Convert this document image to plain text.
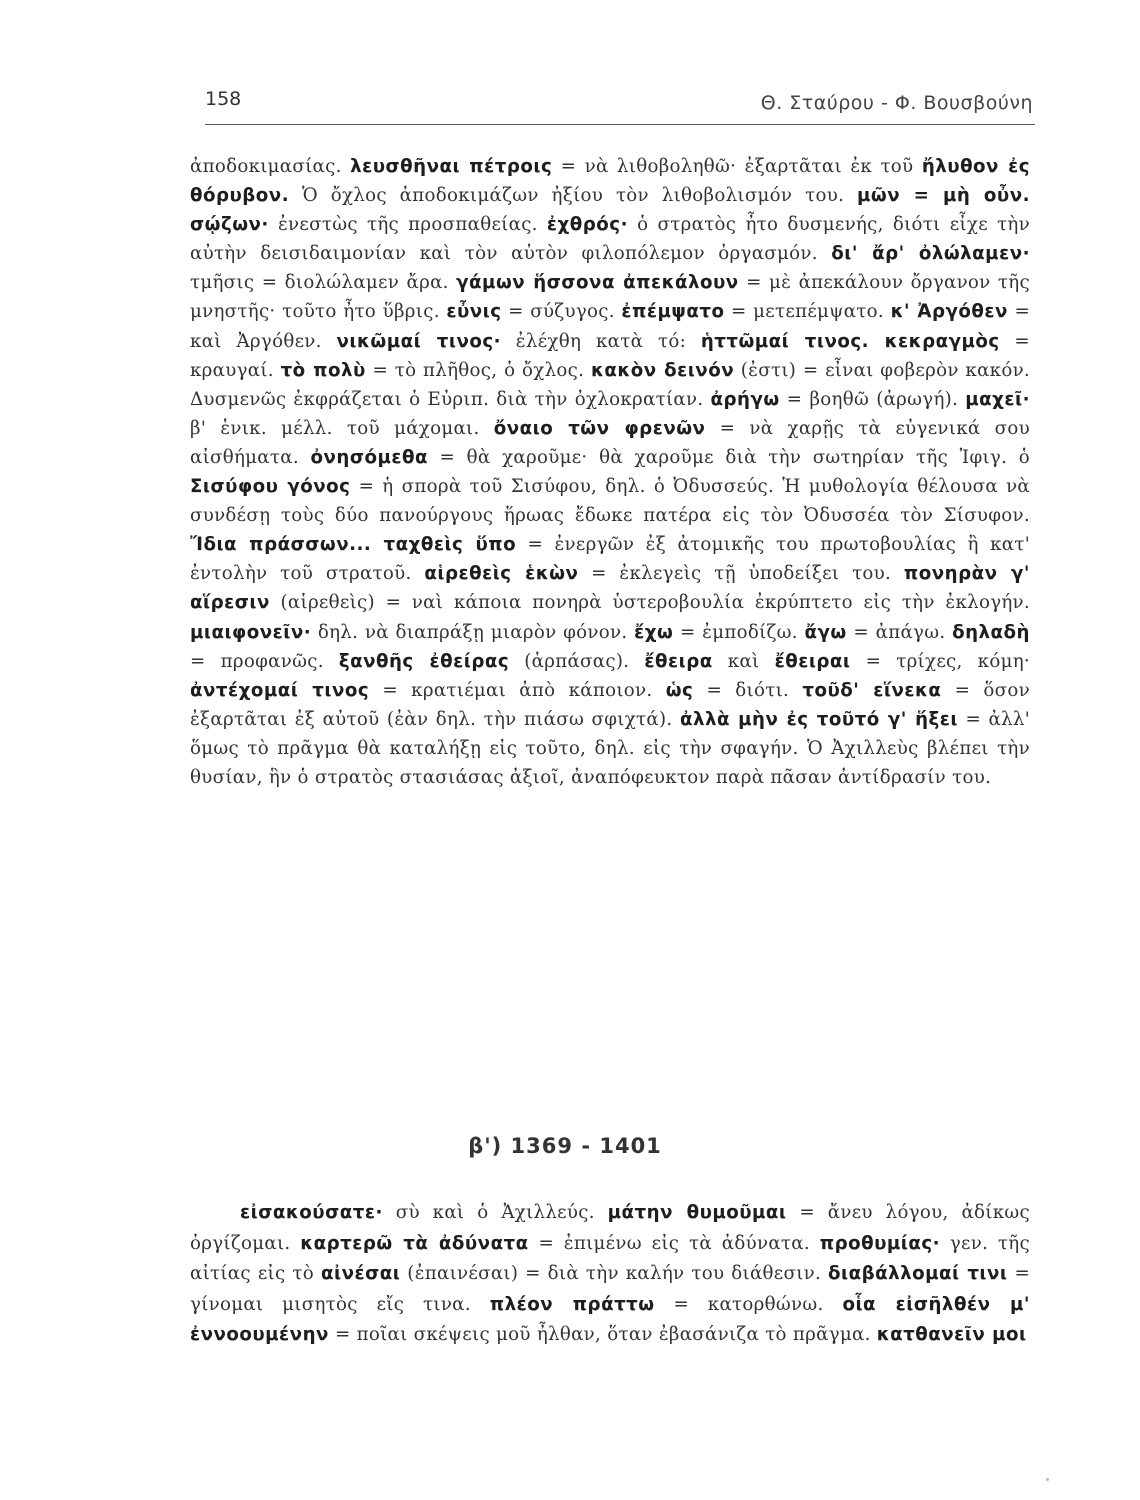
158	Θ. Σταύρου - Φ. Βουσβούνη
ἀποδοκιμασίας. λευσθῆναι πέτροις = νὰ λιθοβοληθῶ· ἐξαρτᾶται ἐκ τοῦ ἤλυθον ἐς θόρυβον. Ὁ ὄχλος ἀποδοκιμάζων ἠξίου τὸν λιθοβολισμόν του. μῶν = μὴ οὖν. σῴζων· ἐνεστὼς τῆς προσπαθείας. ἐχθρός· ὁ στρατὸς ἦτο δυσμενής, διότι εἶχε τὴν αὐτὴν δεισιδαιμονίαν καὶ τὸν αὐτὸν φιλοπόλεμον ὀργασμόν. δι' ἄρ' ὀλώλαμεν· τμῆσις = διολώλαμεν ἄρα. γάμων ἥσσονα ἀπεκάλουν = μὲ ἀπεκάλουν ὄργανον τῆς μνηστῆς· τοῦτο ἦτο ὕβρις. εὖνις = σύζυγος. ἐπέμψατο = μετεπέμψατο. κ' Ἀργόθεν = καὶ Ἀργόθεν. νικῶμαί τινος· ἐλέχθη κατὰ τό: ἡττῶμαί τινος. κεκραγμὸς = κραυγαί. τὸ πολὺ = τὸ πλῆθος, ὁ ὄχλος. κακὸν δεινόν (ἐστι) = εἶναι φοβερὸν κακόν. Δυσμενῶς ἐκφράζεται ὁ Εὐριπ. διὰ τὴν ὀχλοκρατίαν. ἀρήγω = βοηθῶ (ἀρωγή). μαχεῖ· β' ἑνικ. μέλλ. τοῦ μάχομαι. ὄναιο τῶν φρενῶν = νὰ χαρῇς τὰ εὐγενικά σου αἰσθήματα. ὀνησόμεθα = θὰ χαροῦμε· θὰ χαροῦμε διὰ τὴν σωτηρίαν τῆς Ἰφιγ. ὁ Σισύφου γόνος = ἡ σπορὰ τοῦ Σισύφου, δηλ. ὁ Ὀδυσσεύς. Ἡ μυθολογία θέλουσα νὰ συνδέσῃ τοὺς δύο πανούργους ἥρωας ἔδωκε πατέρα εἰς τὸν Ὀδυσσέα τὸν Σίσυφον. Ἴδια πράσσων... ταχθεὶς ὕπο = ἐνεργῶν ἐξ ἀτομικῆς του πρωτοβουλίας ἢ κατ' ἐντολὴν τοῦ στρατοῦ. αἱρεθεὶς ἑκὼν = ἐκλεγεὶς τῇ ὑποδείξει του. πονηρὰν γ' αἵρεσιν (αἱρεθεὶς) = ναὶ κάποια πονηρὰ ὑστεροβουλία ἐκρύπτετο εἰς τὴν ἐκλογήν. μιαιφονεῖν· δηλ. νὰ διαπράξῃ μιαρὸν φόνον. ἔχω = ἐμποδίζω. ἄγω = ἀπάγω. δηλαδὴ = προφανῶς. ξανθῆς ἐθείρας (ἁρπάσας). ἔθειρα καὶ ἔθειραι = τρίχες, κόμη· ἀντέχομαί τινος = κρατιέμαι ἀπὸ κάποιον. ὡς = διότι. τοῦδ' εἵνεκα = ὅσον ἐξαρτᾶται ἐξ αὐτοῦ (ἐὰν δηλ. τὴν πιάσω σφιχτά). ἀλλὰ μὴν ἐς τοῦτό γ' ἥξει = ἀλλ' ὅμως τὸ πρᾶγμα θὰ καταλήξῃ εἰς τοῦτο, δηλ. εἰς τὴν σφαγήν. Ὁ Ἀχιλλεὺς βλέπει τὴν θυσίαν, ἣν ὁ στρατὸς στασιάσας ἀξιοῖ, ἀναπόφευκτον παρὰ πᾶσαν ἀντίδρασίν του.
β') 1369 - 1401
εἰσακούσατε· σὺ καὶ ὁ Ἀχιλλεύς. μάτην θυμοῦμαι = ἄνευ λόγου, ἀδίκως ὀργίζομαι. καρτερῶ τὰ ἀδύνατα = ἐπιμένω εἰς τὰ ἀδύνατα. προθυμίας· γεν. τῆς αἰτίας εἰς τὸ αἰνέσαι (ἐπαινέσαι) = διὰ τὴν καλήν του διάθεσιν. διαβάλλομαί τινι = γίνομαι μισητὸς εἴς τινα. πλέον πράττω = κατορθώνω. οἷα εἰσῆλθέν μ' ἐννοουμένην = ποῖαι σκέψεις μοῦ ἦλθαν, ὅταν ἐβασάνιζα τὸ πρᾶγμα. κατθανεῖν μοι
